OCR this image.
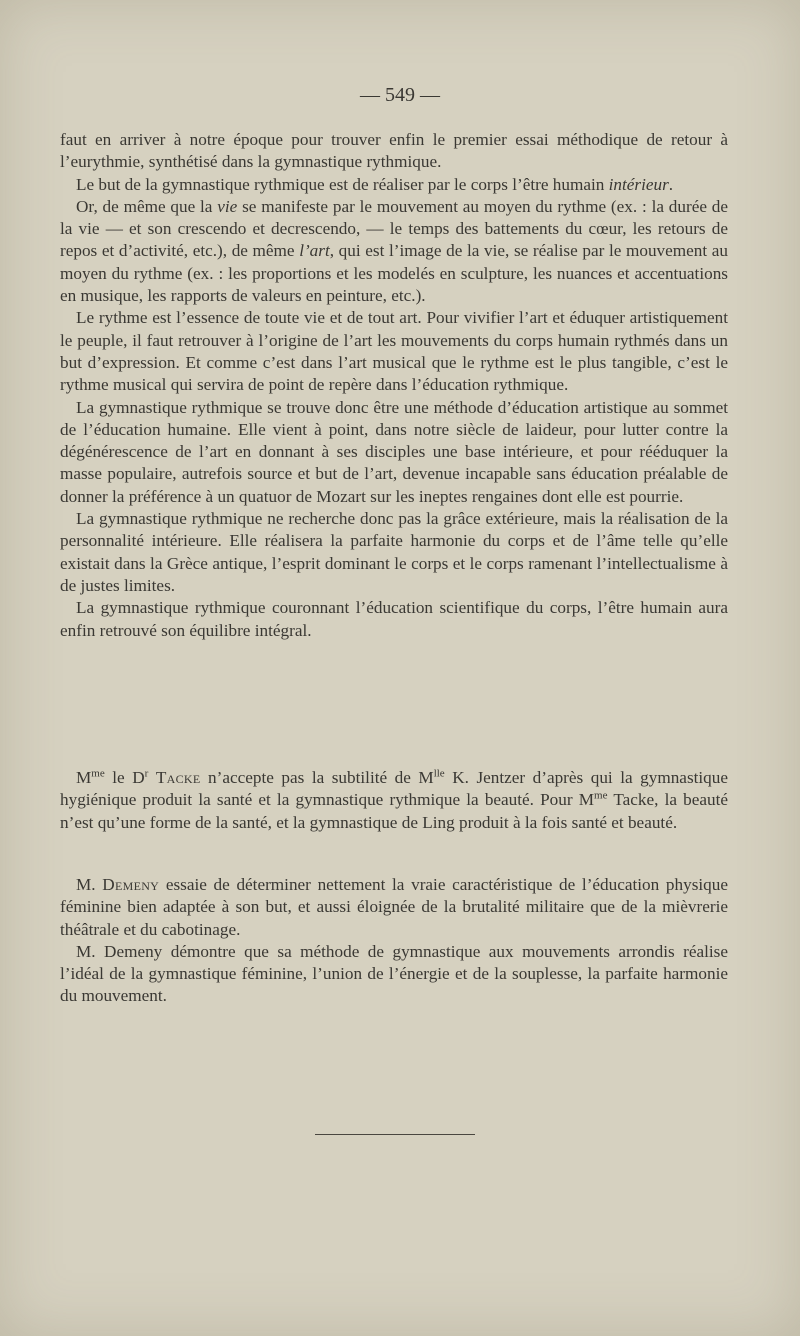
— 549 —

faut en arriver à notre époque pour trouver enfin le premier essai méthodique de retour à l’eurythmie, synthétisé dans la gymnastique rythmique.

Le but de la gymnastique rythmique est de réaliser par le corps l’être humain intérieur.

Or, de même que la vie se manifeste par le mouvement au moyen du rythme (ex. : la durée de la vie — et son crescendo et decrescendo, — le temps des battements du cœur, les retours de repos et d’activité, etc.), de même l’art, qui est l’image de la vie, se réalise par le mouvement au moyen du rythme (ex. : les proportions et les modelés en sculpture, les nuances et accentuations en musique, les rapports de valeurs en peinture, etc.).

Le rythme est l’essence de toute vie et de tout art. Pour vivifier l’art et éduquer artistiquement le peuple, il faut retrouver à l’origine de l’art les mouvements du corps humain rythmés dans un but d’expression. Et comme c’est dans l’art musical que le rythme est le plus tangible, c’est le rythme musical qui servira de point de repère dans l’éducation rythmique.

La gymnastique rythmique se trouve donc être une méthode d’éducation artistique au sommet de l’éducation humaine. Elle vient à point, dans notre siècle de laideur, pour lutter contre la dégénérescence de l’art en donnant à ses disciples une base intérieure, et pour rééduquer la masse populaire, autrefois source et but de l’art, devenue incapable sans éducation préalable de donner la préférence à un quatuor de Mozart sur les ineptes rengaines dont elle est pourrie.

La gymnastique rythmique ne recherche donc pas la grâce extérieure, mais la réalisation de la personnalité intérieure. Elle réalisera la parfaite harmonie du corps et de l’âme telle qu’elle existait dans la Grèce antique, l’esprit dominant le corps et le corps ramenant l’intellectualisme à de justes limites.

La gymnastique rythmique couronnant l’éducation scientifique du corps, l’être humain aura enfin retrouvé son équilibre intégral.

$M^{me}$ le $D^r$ Tacke n’accepte pas la subtilité de $M^{lle}$ K. Jentzer d’après qui la gymnastique hygiénique produit la santé et la gymnastique rythmique la beauté. Pour $M^{me}$ Tacke, la beauté n’est qu’une forme de la santé, et la gymnastique de Ling produit à la fois santé et beauté.

M. Demeny essaie de déterminer nettement la vraie caractéristique de l’éducation physique féminine bien adaptée à son but, et aussi éloignée de la brutalité militaire que de la mièvrerie théâtrale et du cabotinage.

M. Demeny démontre que sa méthode de gymnastique aux mouvements arrondis réalise l’idéal de la gymnastique féminine, l’union de l’énergie et de la souplesse, la parfaite harmonie du mouvement.
